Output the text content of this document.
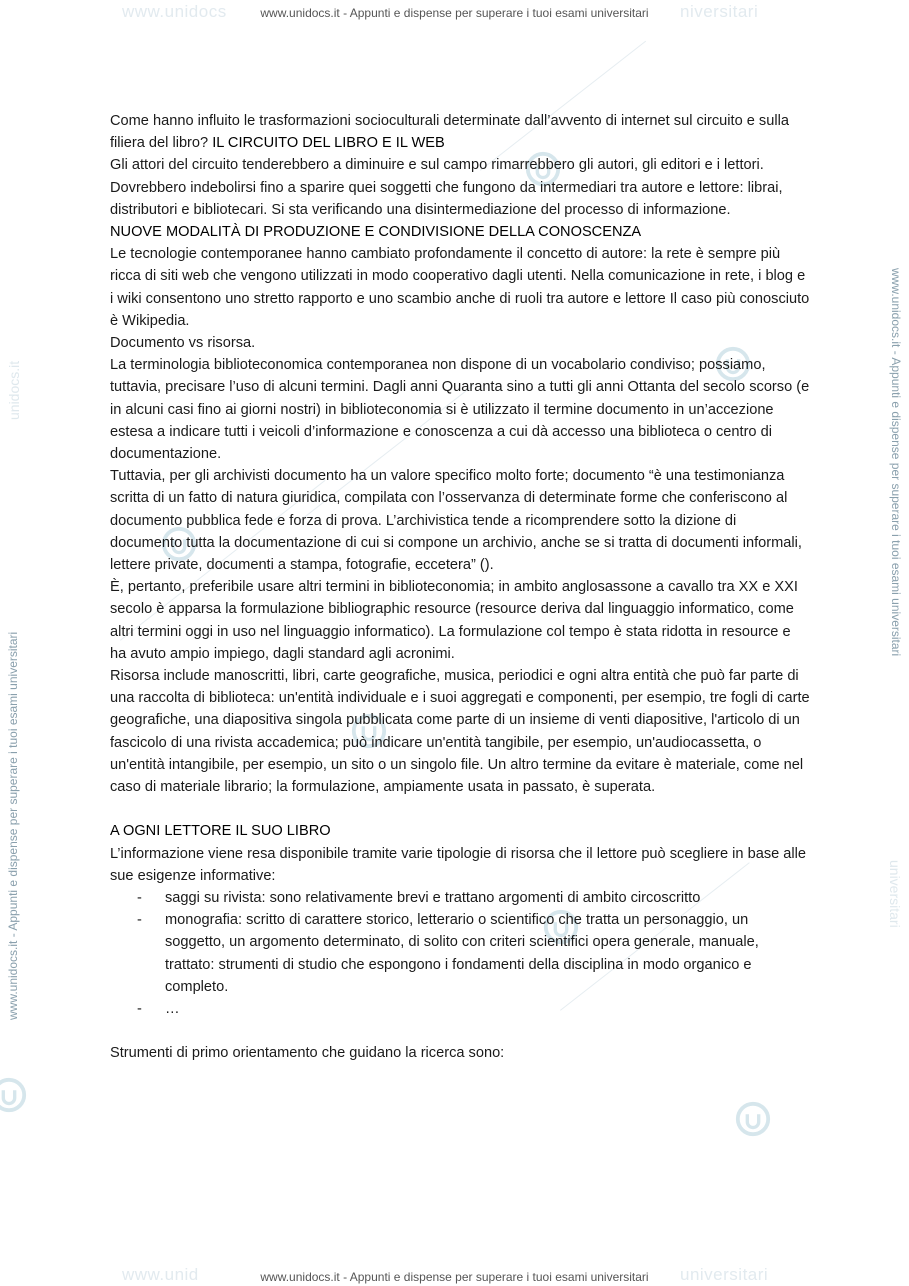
www.unidocs	niversitari
www.unid	universitari
www.unidocs.it - Appunti e dispense per superare i tuoi esami universitari
www.unidocs.it - Appunti e dispense per superare i tuoi esami universitari
www.unidocs.it - Appunti e dispense per superare i tuoi esami universitari
www.unidocs.it - Appunti e dispense per superare i tuoi esami universitari
unidocs.it
universitari

Come hanno influito le trasformazioni socioculturali determinate dall’avvento di internet sul circuito e sulla filiera del libro? IL CIRCUITO DEL LIBRO E IL WEB

Gli attori del circuito tenderebbero a diminuire e sul campo rimarrebbero gli autori, gli editori e i lettori. Dovrebbero indebolirsi fino a sparire quei soggetti che fungono da intermediari tra autore e lettore: librai, distributori e bibliotecari. Si sta verificando una disintermediazione del processo di informazione.

NUOVE MODALITÀ DI PRODUZIONE E CONDIVISIONE DELLA CONOSCENZA

Le tecnologie contemporanee hanno cambiato profondamente il concetto di autore: la rete è sempre più ricca di siti web che vengono utilizzati in modo cooperativo dagli utenti. Nella comunicazione in rete, i blog e i wiki consentono uno stretto rapporto e uno scambio anche di ruoli tra autore e lettore Il caso più conosciuto è Wikipedia.

Documento vs risorsa.

La terminologia biblioteconomica contemporanea non dispone di un vocabolario condiviso; possiamo, tuttavia, precisare l’uso di alcuni termini. Dagli anni Quaranta sino a tutti gli anni Ottanta del secolo scorso (e in alcuni casi fino ai giorni nostri) in biblioteconomia si è utilizzato il termine documento in un’accezione estesa a indicare tutti i veicoli d’informazione e conoscenza a cui dà accesso una biblioteca o centro di documentazione.

Tuttavia, per gli archivisti documento ha un valore specifico molto forte; documento “è una testimonianza scritta di un fatto di natura giuridica, compilata con l’osservanza di determinate forme che conferiscono al documento pubblica fede e forza di prova. L’archivistica tende a ricomprendere sotto la dizione di documento tutta la documentazione di cui si compone un archivio, anche se si tratta di documenti informali, lettere private, documenti a stampa, fotografie, eccetera” ().

È, pertanto, preferibile usare altri termini in biblioteconomia; in ambito anglosassone a cavallo tra XX e XXI secolo è apparsa la formulazione bibliographic resource (resource deriva dal linguaggio informatico, come altri termini oggi in uso nel linguaggio informatico). La formulazione col tempo è stata ridotta in resource e ha avuto ampio impiego, dagli standard agli acronimi.

Risorsa include manoscritti, libri, carte geografiche, musica, periodici e ogni altra entità che può far parte di una raccolta di biblioteca: un'entità individuale e i suoi aggregati e componenti, per esempio, tre fogli di carte geografiche, una diapositiva singola pubblicata come parte di un insieme di venti diapositive, l'articolo di un fascicolo di una rivista accademica; può indicare un'entità tangibile, per esempio, un'audiocassetta, o un'entità intangibile, per esempio, un sito o un singolo file. Un altro termine da evitare è materiale, come nel caso di materiale librario; la formulazione, ampiamente usata in passato, è superata.

A OGNI LETTORE IL SUO LIBRO

L’informazione viene resa disponibile tramite varie tipologie di risorsa che il lettore può scegliere in base alle sue esigenze informative:

- saggi su rivista: sono relativamente brevi e trattano argomenti di ambito circoscritto
- monografia: scritto di carattere storico, letterario o scientifico che tratta un personaggio, un soggetto, un argomento determinato, di solito con criteri scientifici opera generale, manuale, trattato: strumenti di studio che espongono i fondamenti della disciplina in modo organico e completo.
- …

Strumenti di primo orientamento che guidano la ricerca sono:
